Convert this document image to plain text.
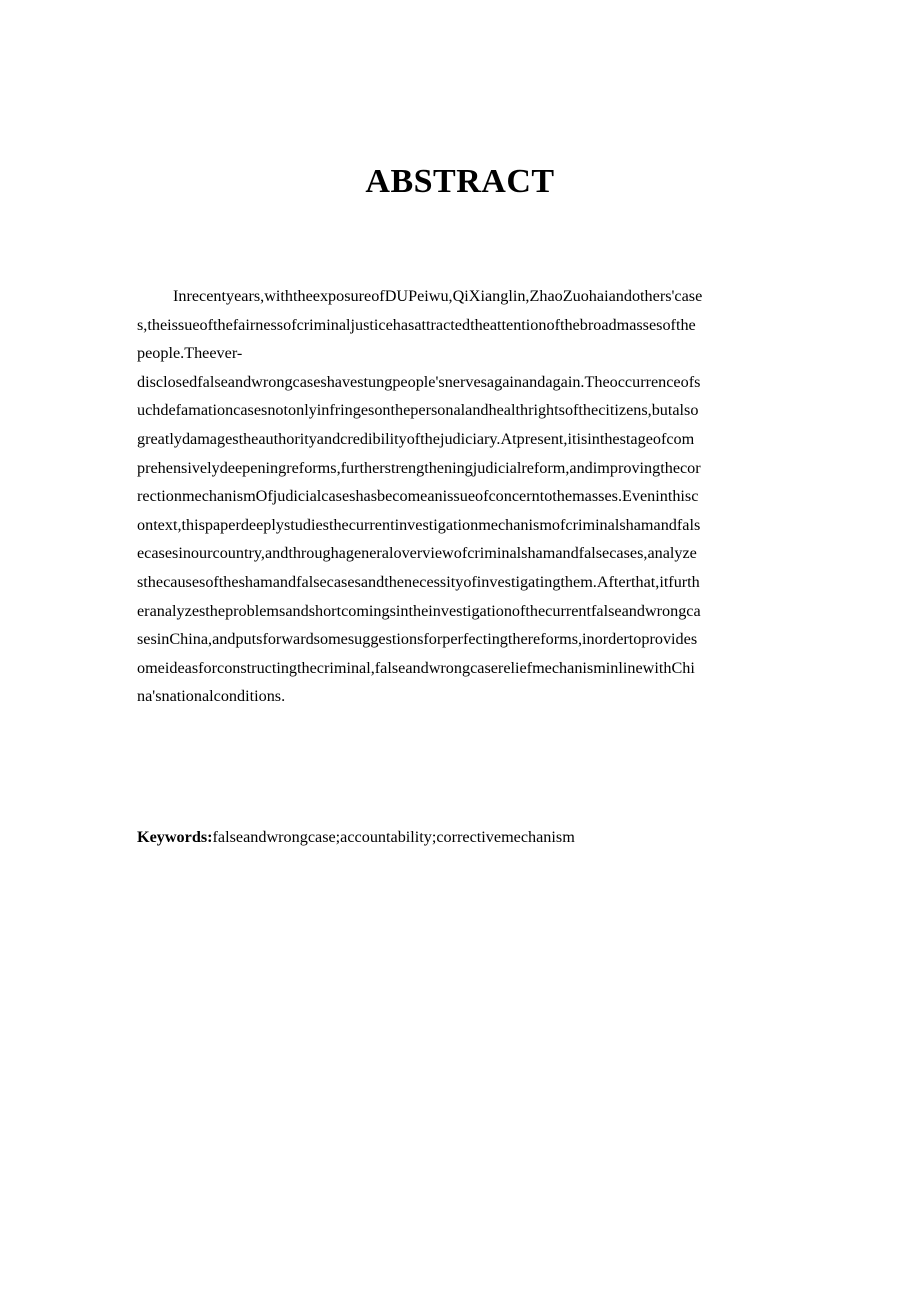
ABSTRACT
Inrecentyears,withtheexposureofDUPeiwu,QiXianglin,ZhaoZuohaiandothers'case
s,theissueofthefairnessofcriminaljusticehasattractedtheattentionofthebroadmassesofthe
people.Theever-
disclosedfalseandwrongcaseshavestungpeople'snervesagainandagain.Theoccurrenceofs
uchdefamationcasesnotonlyinfringesonthepersonalandhealthrightsofthecitizens,butalso
greatlydamagestheauthorityandcredibilityofthejudiciary.Atpresent,itisinthestageofcom
prehensivelydeepeningreforms,furtherstrengtheningjudicialreform,andimprovingthecor
rectionmechanismOfjudicialcaseshasbecomeanissueofconcerntothemasses.Eveninthisc
ontext,thispaperdeeplystudiesthecurrentinvestigationmechanismofcriminalshamandfals
ecasesinourcountry,andthroughageneraloverviewofcriminalshamandfalsecases,analyze
sthecausesoftheshamandfalsecasesandthenecessityofinvestigatingthem.Afterthat,itfurth
eranalyzestheproblemsandshortcomingsintheinvestigationofthecurrentfalseandwrongca
sesinChina,andputsforwardsomesuggestionsforperfectingthereforms,inordertoprovides
omeideasforconstructingthecriminal,falseandwrongcasereliefmechanisminlinewithChi
na'snationalconditions.
Keywords:falseandwrongcase;accountability;correctivemechanism
